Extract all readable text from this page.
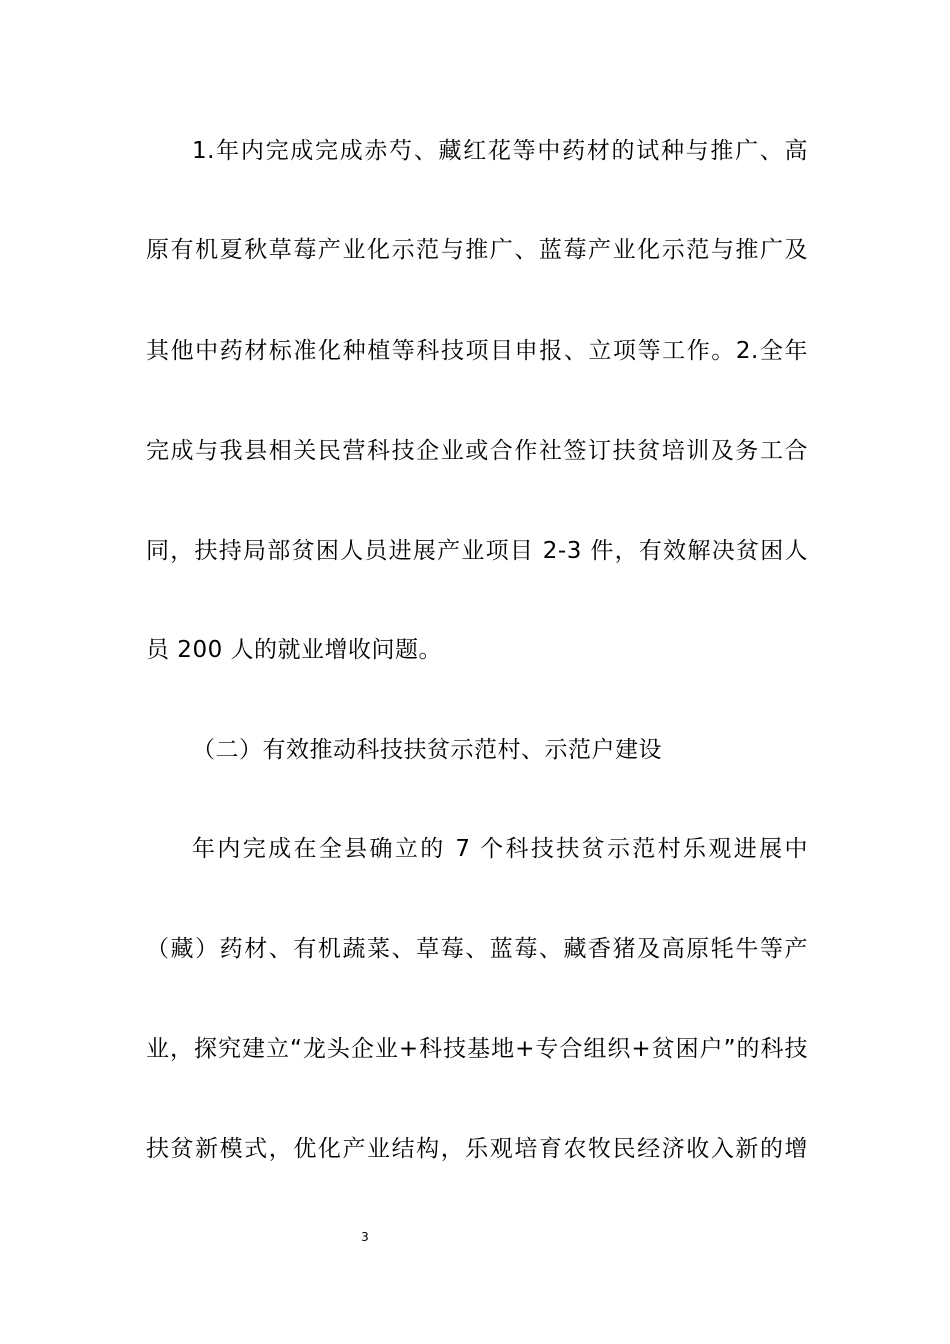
1.年内完成完成赤芍、藏红花等中药材的试种与推广、高
原有机夏秋草莓产业化示范与推广、蓝莓产业化示范与推广及
其他中药材标准化种植等科技项目申报、立项等工作。2.全年
完成与我县相关民营科技企业或合作社签订扶贫培训及务工合
同，扶持局部贫困人员进展产业项目 2-3 件，有效解决贫困人
员 200 人的就业增收问题。
（二）有效推动科技扶贫示范村、示范户建设
年内完成在全县确立的 7 个科技扶贫示范村乐观进展中
（藏）药材、有机蔬菜、草莓、蓝莓、藏香猪及高原牦牛等产
业，探究建立“龙头企业+科技基地+专合组织+贫困户”的科技
扶贫新模式，优化产业结构，乐观培育农牧民经济收入新的增
3
